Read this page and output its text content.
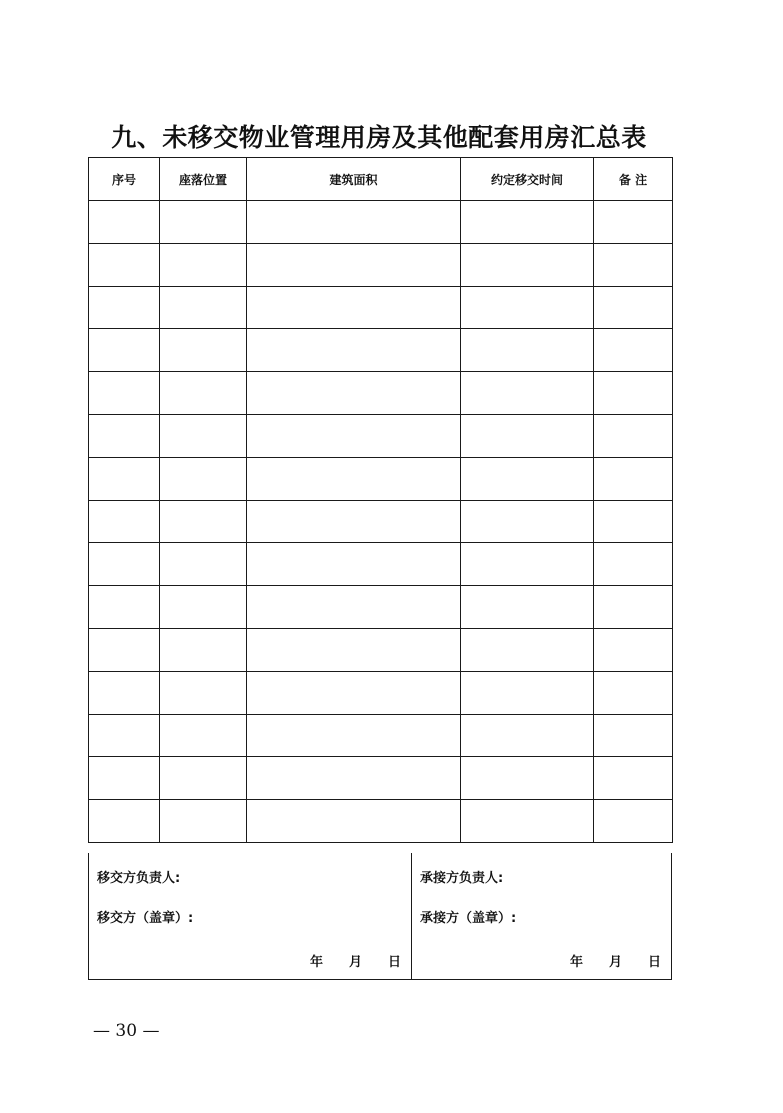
九、未移交物业管理用房及其他配套用房汇总表
序号	座落位置	建筑面积	约定移交时间	备 注

移交方负责人:
移交方（盖章）:
年 月 日
承接方负责人:
承接方（盖章）:
年 月 日
— 30 —
